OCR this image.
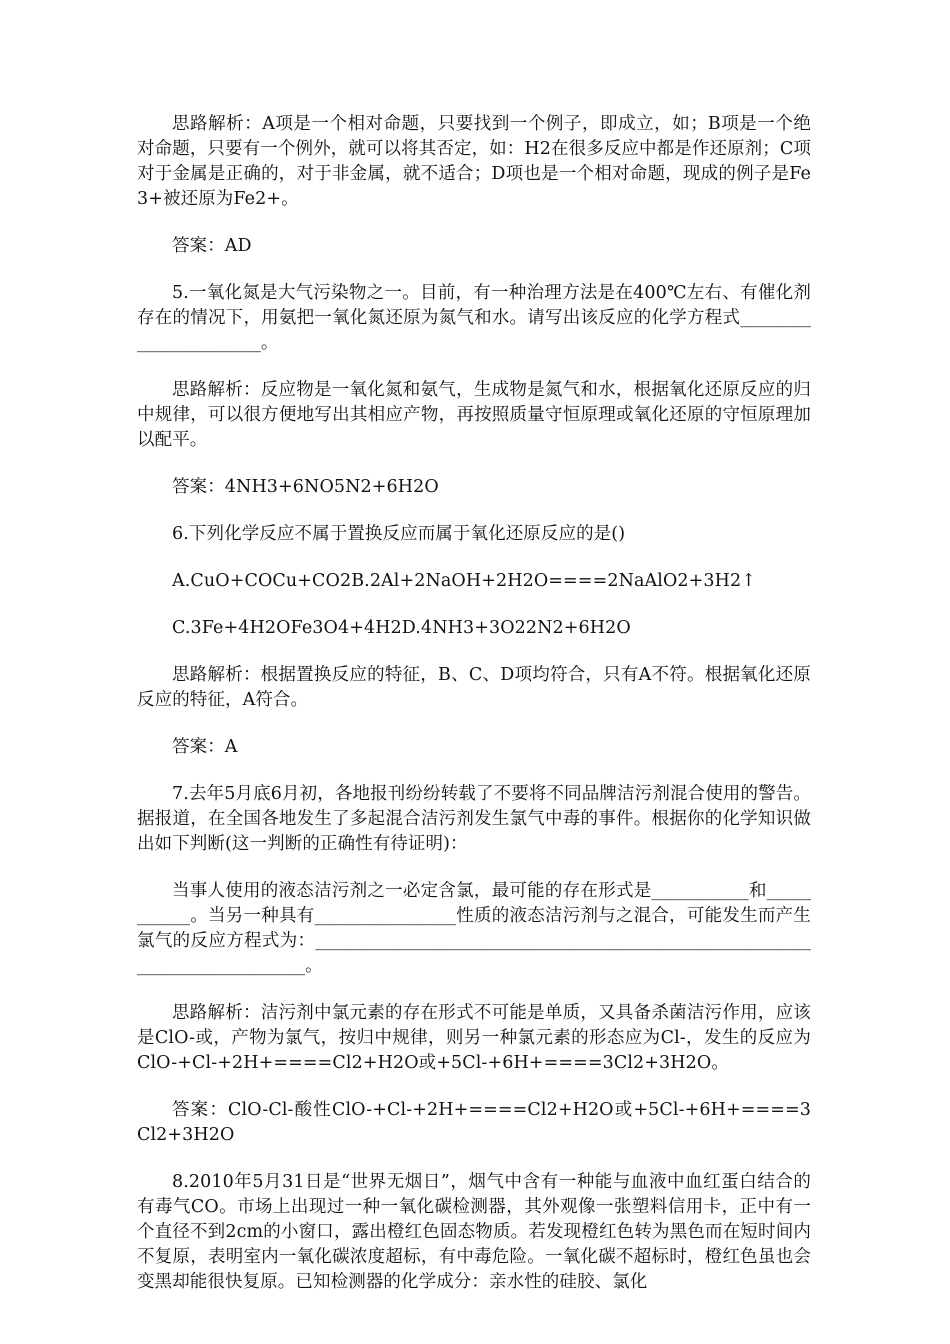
思路解析：A项是一个相对命题，只要找到一个例子，即成立，如；B项是一个绝对命题，只要有一个例外，就可以将其否定，如：H2在很多反应中都是作还原剂；C项对于金属是正确的，对于非金属，就不适合；D项也是一个相对命题，现成的例子是Fe3+被还原为Fe2+。

答案：AD

5.一氧化氮是大气污染物之一。目前，有一种治理方法是在400℃左右、有催化剂存在的情况下，用氨把一氧化氮还原为氮气和水。请写出该反应的化学方程式______________________。

思路解析：反应物是一氧化氮和氨气，生成物是氮气和水，根据氧化还原反应的归中规律，可以很方便地写出其相应产物，再按照质量守恒原理或氧化还原的守恒原理加以配平。

答案：4NH3+6NO5N2+6H2O

6.下列化学反应不属于置换反应而属于氧化还原反应的是()

A.CuO+COCu+CO2B.2Al+2NaOH+2H2O====2NaAlO2+3H2↑

C.3Fe+4H2OFe3O4+4H2D.4NH3+3O22N2+6H2O

思路解析：根据置换反应的特征，B、C、D项均符合，只有A不符。根据氧化还原反应的特征，A符合。

答案：A

7.去年5月底6月初，各地报刊纷纷转载了不要将不同品牌洁污剂混合使用的警告。据报道，在全国各地发生了多起混合洁污剂发生氯气中毒的事件。根据你的化学知识做出如下判断(这一判断的正确性有待证明)：

当事人使用的液态洁污剂之一必定含氯，最可能的存在形式是___________和___________。当另一种具有________________性质的液态洁污剂与之混合，可能发生而产生氯气的反应方程式为：___________________________________________________________________________。

思路解析：洁污剂中氯元素的存在形式不可能是单质，又具备杀菌洁污作用，应该是ClO-或，产物为氯气，按归中规律，则另一种氯元素的形态应为Cl-，发生的反应为ClO-+Cl-+2H+====Cl2+H2O或+5Cl-+6H+====3Cl2+3H2O。

答案：ClO-Cl-酸性ClO-+Cl-+2H+====Cl2+H2O或+5Cl-+6H+====3Cl2+3H2O

8.2010年5月31日是“世界无烟日”，烟气中含有一种能与血液中血红蛋白结合的有毒气CO。市场上出现过一种一氧化碳检测器，其外观像一张塑料信用卡，正中有一个直径不到2cm的小窗口，露出橙红色固态物质。若发现橙红色转为黑色而在短时间内不复原，表明室内一氧化碳浓度超标，有中毒危险。一氧化碳不超标时，橙红色虽也会变黑却能很快复原。已知检测器的化学成分：亲水性的硅胶、氯化
